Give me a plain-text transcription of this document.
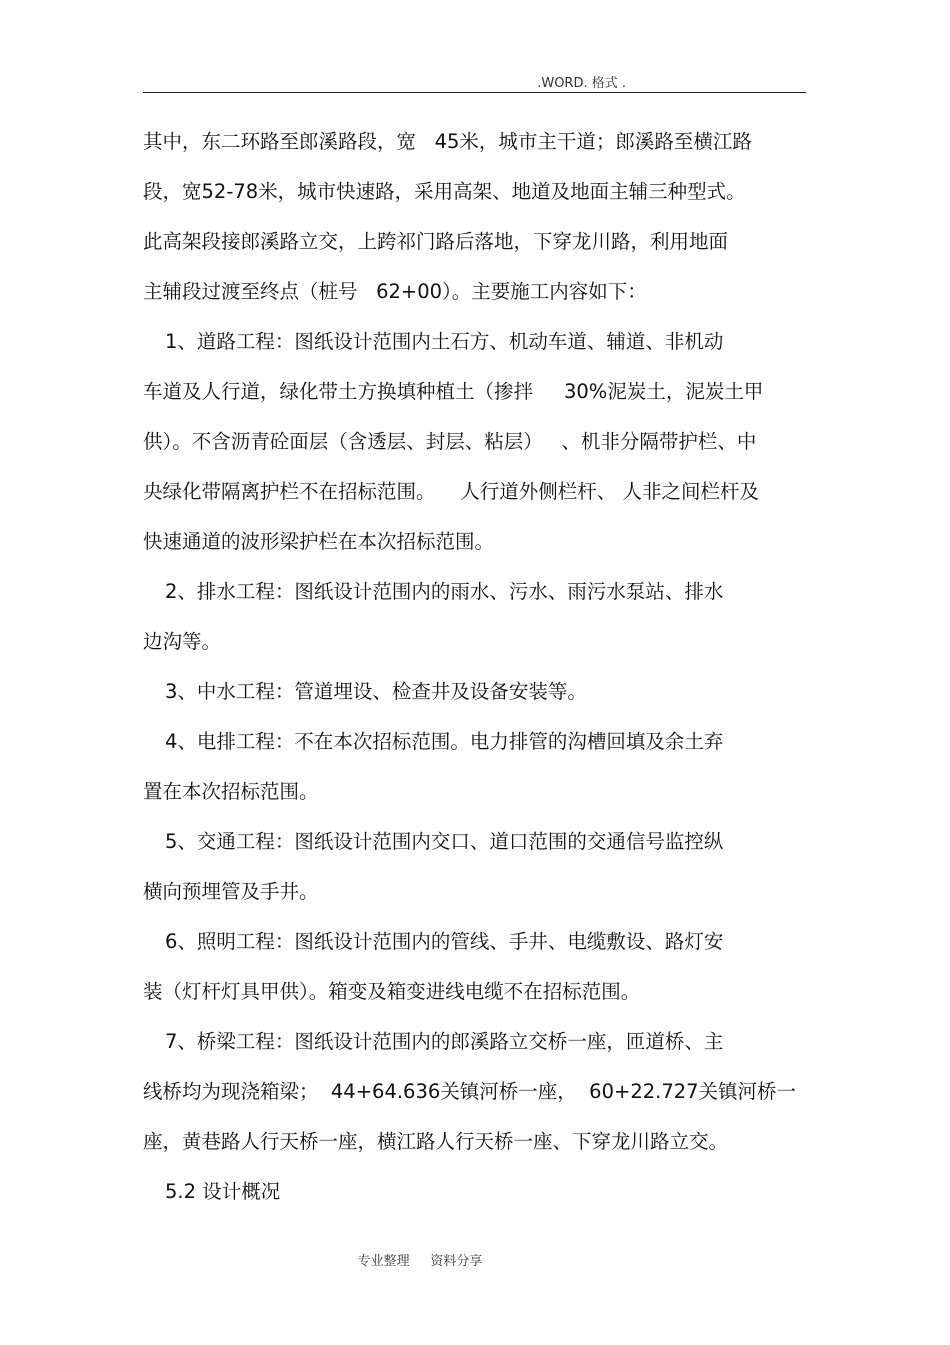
.WORD. 格式 .
其中，东二环路至郎溪路段，宽   45米，城市主干道；郎溪路至横江路
段，宽52-78米，城市快速路，采用高架、地道及地面主辅三种型式。
此高架段接郎溪路立交，上跨祁门路后落地，下穿龙川路，利用地面
主辅段过渡至终点（桩号   62+00）。主要施工内容如下：
1、道路工程：图纸设计范围内土石方、机动车道、辅道、非机动
车道及人行道，绿化带土方换填种植土（掺拌     30%泥炭土，泥炭土甲
供）。不含沥青砼面层（含透层、封层、粘层）   、机非分隔带护栏、中
央绿化带隔离护栏不在招标范围。    人行道外侧栏杆、 人非之间栏杆及
快速通道的波形梁护栏在本次招标范围。
2、排水工程：图纸设计范围内的雨水、污水、雨污水泵站、排水
边沟等。
3、中水工程：管道埋设、检查井及设备安装等。
4、电排工程：不在本次招标范围。电力排管的沟槽回填及余土弃
置在本次招标范围。
5、交通工程：图纸设计范围内交口、道口范围的交通信号监控纵
横向预埋管及手井。
6、照明工程：图纸设计范围内的管线、手井、电缆敷设、路灯安
装（灯杆灯具甲供）。箱变及箱变进线电缆不在招标范围。
7、桥梁工程：图纸设计范围内的郎溪路立交桥一座，匝道桥、主
线桥均为现浇箱梁；  44+64.636关镇河桥一座，  60+22.727关镇河桥一
座，黄巷路人行天桥一座，横江路人行天桥一座、下穿龙川路立交。
5.2 设计概况
专业整理     资料分享
